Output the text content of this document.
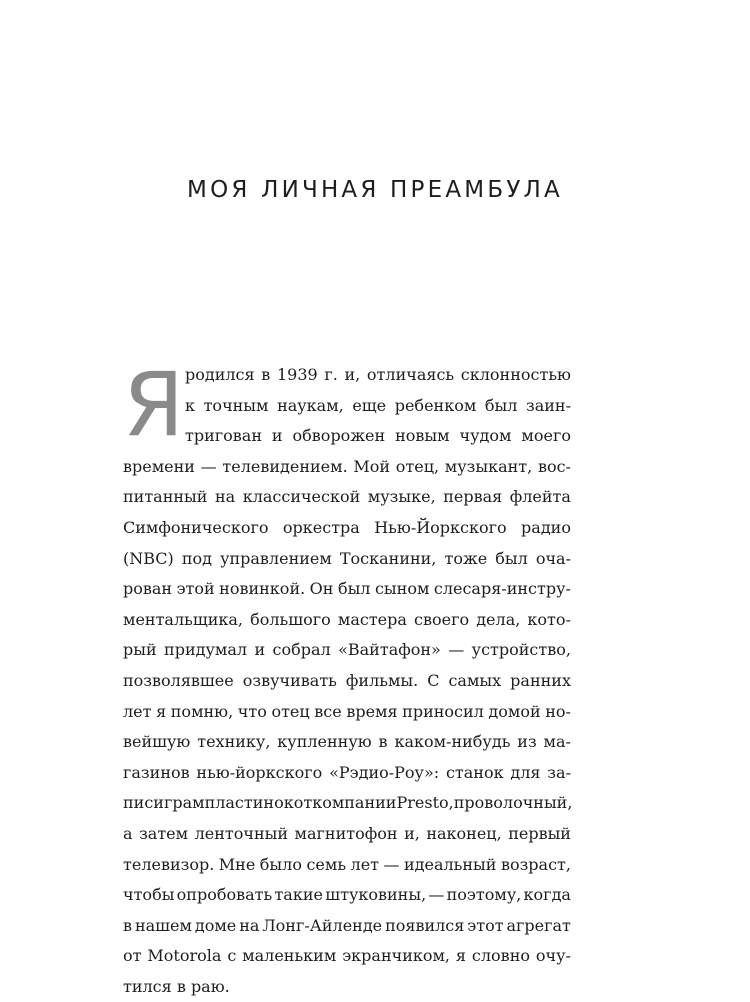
МОЯ ЛИЧНАЯ ПРЕАМБУЛА
Я родился в 1939 г. и, отличаясь склонностью
к точным наукам, еще ребенком был заин-
тригован и обворожен новым чудом моего
времени — телевидением. Мой отец, музыкант, вос-
питанный на классической музыке, первая флейта
Симфонического оркестра Нью-Йоркского радио
(NBC) под управлением Тосканини, тоже был оча-
рован этой новинкой. Он был сыном слесаря-инстру-
ментальщика, большого мастера своего дела, кото-
рый придумал и собрал «Вайтафон» — устройство,
позволявшее озвучивать фильмы. С самых ранних
лет я помню, что отец все время приносил домой но-
вейшую технику, купленную в каком-нибудь из ма-
газинов нью-йоркского «Рэдио-Роу»: станок для за-
писи грампластинок от компании Presto, проволочный,
а затем ленточный магнитофон и, наконец, первый
телевизор. Мне было семь лет — идеальный возраст,
чтобы опробовать такие штуковины, — поэтому, когда
в нашем доме на Лонг-Айленде появился этот агрегат
от Motorola с маленьким экранчиком, я словно очу-
тился
в
раю.
